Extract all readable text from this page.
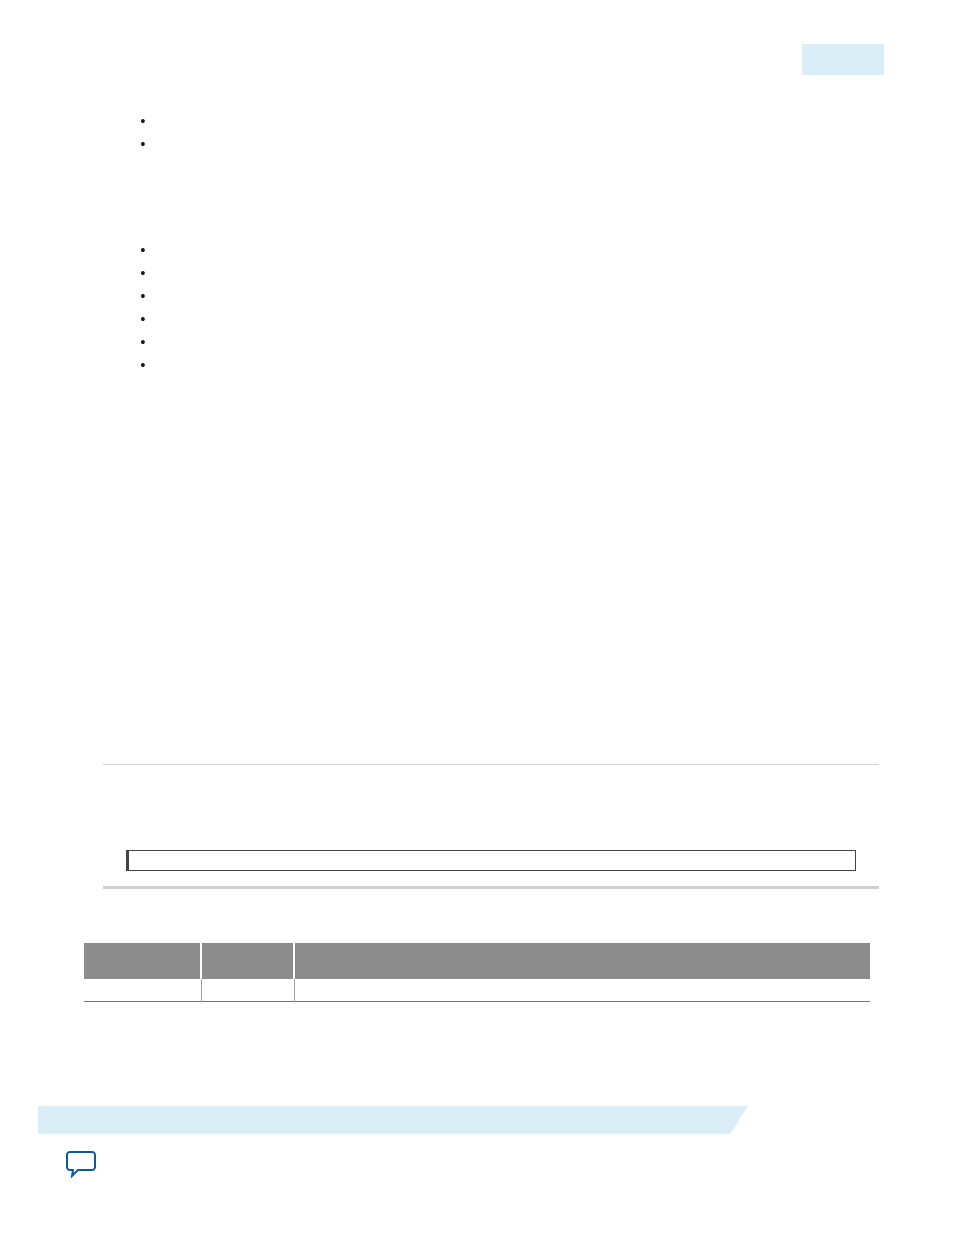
•
•

•
•
•
•
•
•
